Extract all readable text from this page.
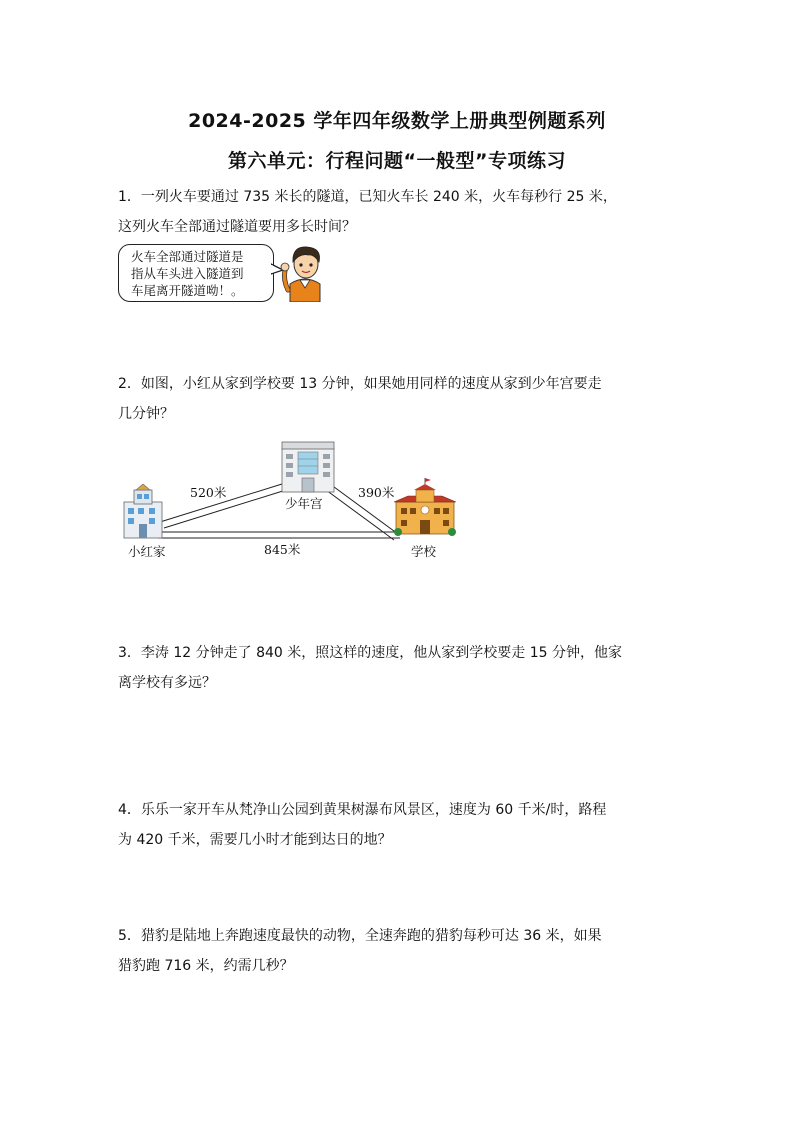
2024-2025 学年四年级数学上册典型例题系列
第六单元：行程问题“一般型”专项练习

1．一列火车要通过 735 米长的隧道，已知火车长 240 米，火车每秒行 25 米，

这列火车全部通过隧道要用多长时间？

火车全部通过隧道是

指从车头进入隧道到

车尾离开隧道呦！。

2．如图，小红从家到学校要 13 分钟，如果她用同样的速度从家到少年宫要走

几分钟？

520米	390米
845米
少年宫
小红家	学校

3．李涛 12 分钟走了 840 米，照这样的速度，他从家到学校要走 15 分钟，他家

离学校有多远？

4．乐乐一家开车从梵净山公园到黄果树瀑布风景区，速度为 60 千米/时，路程

为 420 千米，需要几小时才能到达日的地？

5．猎豹是陆地上奔跑速度最快的动物，全速奔跑的猎豹每秒可达 36 米，如果

猎豹跑 716 米，约需几秒？
